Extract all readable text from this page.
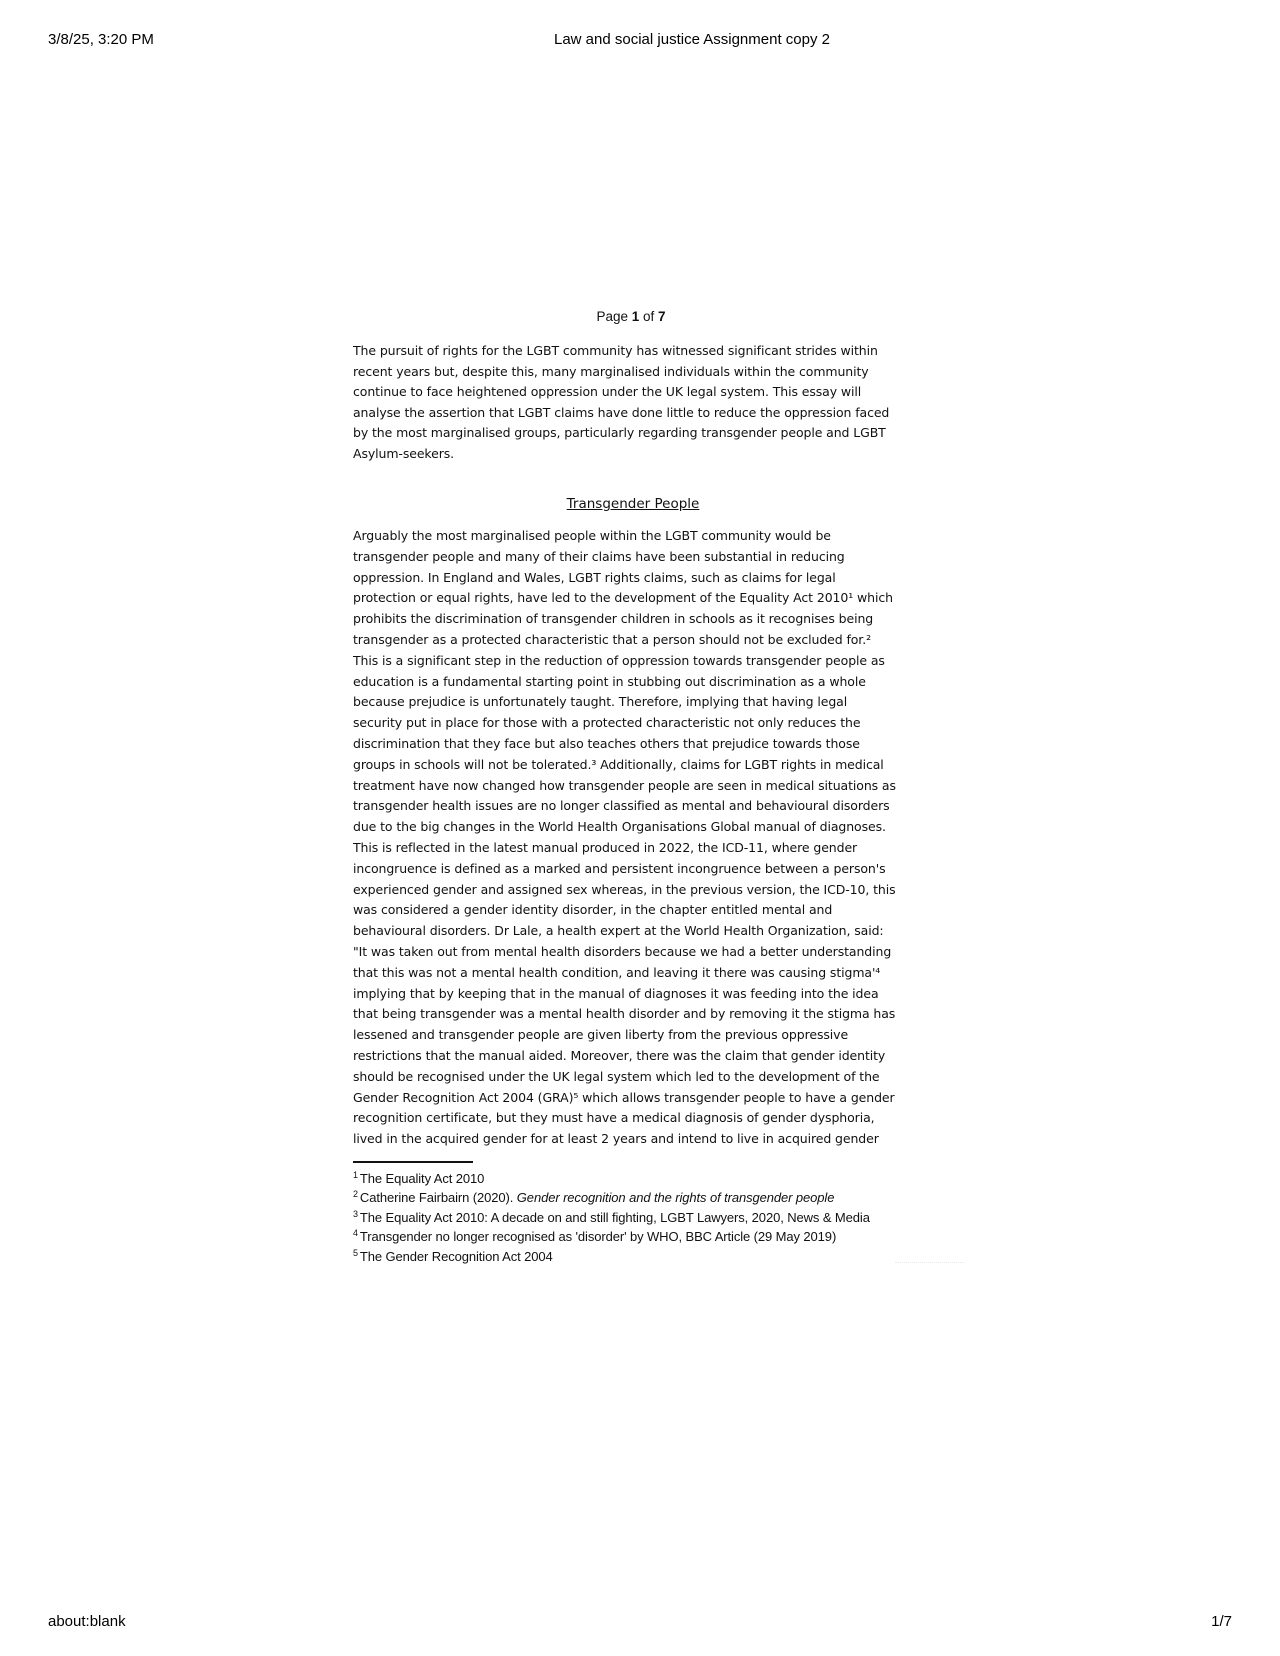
3/8/25, 3:20 PM	Law and social justice Assignment copy 2
Page 1 of 7
The pursuit of rights for the LGBT community has witnessed significant strides within
recent years but, despite this, many marginalised individuals within the community
continue to face heightened oppression under the UK legal system. This essay will
analyse the assertion that LGBT claims have done little to reduce the oppression faced
by the most marginalised groups, particularly regarding transgender people and LGBT
Asylum-seekers.
Transgender People
Arguably the most marginalised people within the LGBT community would be
transgender people and many of their claims have been substantial in reducing
oppression. In England and Wales, LGBT rights claims, such as claims for legal
protection or equal rights, have led to the development of the Equality Act 2010¹ which
prohibits the discrimination of transgender children in schools as it recognises being
transgender as a protected characteristic that a person should not be excluded for.²
This is a significant step in the reduction of oppression towards transgender people as
education is a fundamental starting point in stubbing out discrimination as a whole
because prejudice is unfortunately taught. Therefore, implying that having legal
security put in place for those with a protected characteristic not only reduces the
discrimination that they face but also teaches others that prejudice towards those
groups in schools will not be tolerated.³ Additionally, claims for LGBT rights in medical
treatment have now changed how transgender people are seen in medical situations as
transgender health issues are no longer classified as mental and behavioural disorders
due to the big changes in the World Health Organisations Global manual of diagnoses.
This is reflected in the latest manual produced in 2022, the ICD-11, where gender
incongruence is defined as a marked and persistent incongruence between a person's
experienced gender and assigned sex whereas, in the previous version, the ICD-10, this
was considered a gender identity disorder, in the chapter entitled mental and
behavioural disorders. Dr Lale, a health expert at the World Health Organization, said:
"It was taken out from mental health disorders because we had a better understanding
that this was not a mental health condition, and leaving it there was causing stigma'⁴
implying that by keeping that in the manual of diagnoses it was feeding into the idea
that being transgender was a mental health disorder and by removing it the stigma has
lessened and transgender people are given liberty from the previous oppressive
restrictions that the manual aided. Moreover, there was the claim that gender identity
should be recognised under the UK legal system which led to the development of the
Gender Recognition Act 2004 (GRA)⁵ which allows transgender people to have a gender
recognition certificate, but they must have a medical diagnosis of gender dysphoria,
lived in the acquired gender for at least 2 years and intend to live in acquired gender
$^1$ The Equality Act 2010
$^2$ Catherine Fairbairn (2020). Gender recognition and the rights of transgender people
$^3$ The Equality Act 2010: A decade on and still fighting, LGBT Lawyers, 2020, News & Media
$^4$ Transgender no longer recognised as 'disorder' by WHO, BBC Article (29 May 2019)
$^5$ The Gender Recognition Act 2004
about:blank	1/7
